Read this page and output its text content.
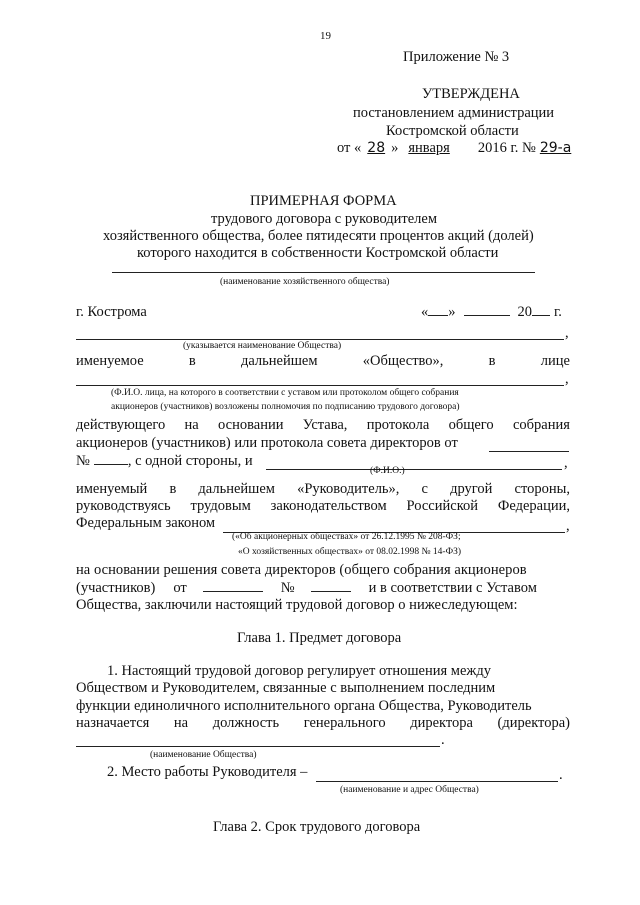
19
Приложение № 3
УТВЕРЖДЕНА
постановлением администрации
Костромской области
от « 28 » января 2016 г. № 29-а
ПРИМЕРНАЯ ФОРМА
трудового договора с руководителем
хозяйственного общества, более пятидесяти процентов акций (долей)
которого находится в собственности Костромской области
(наименование хозяйственного общества)
г. Кострома	« »	20 г.
,
(указывается наименование Общества)
именуемое	в	дальнейшем	«Общество»,	в	лице
,
(Ф.И.О. лица, на которого в соответствии с уставом или протоколом общего собрания
акционеров (участников) возложены полномочия по подписанию трудового договора)
действующего на основании Устава, протокола общего собрания
акционеров (участников) или протокола совета директоров от
№	, с одной стороны, и	,
(Ф.И.О.)
именуемый в дальнейшем «Руководитель», с другой стороны,
руководствуясь трудовым законодательством Российской Федерации,
Федеральным законом	,
(«Об акционерных обществах» от 26.12.1995 № 208-ФЗ;
«О хозяйственных обществах» от 08.02.1998 № 14-ФЗ)
на основании решения совета директоров (общего собрания акционеров
(участников) от	№	и в соответствии с Уставом
Общества, заключили настоящий трудовой договор о нижеследующем:
Глава 1. Предмет договора
1. Настоящий трудовой договор регулирует отношения между
Обществом и Руководителем, связанные с выполнением последним
функции единоличного исполнительного органа Общества, Руководитель
назначается на должность генерального директора (директора)
.
(наименование Общества)
2. Место работы Руководителя –	.
(наименование и адрес Общества)
Глава 2. Срок трудового договора
